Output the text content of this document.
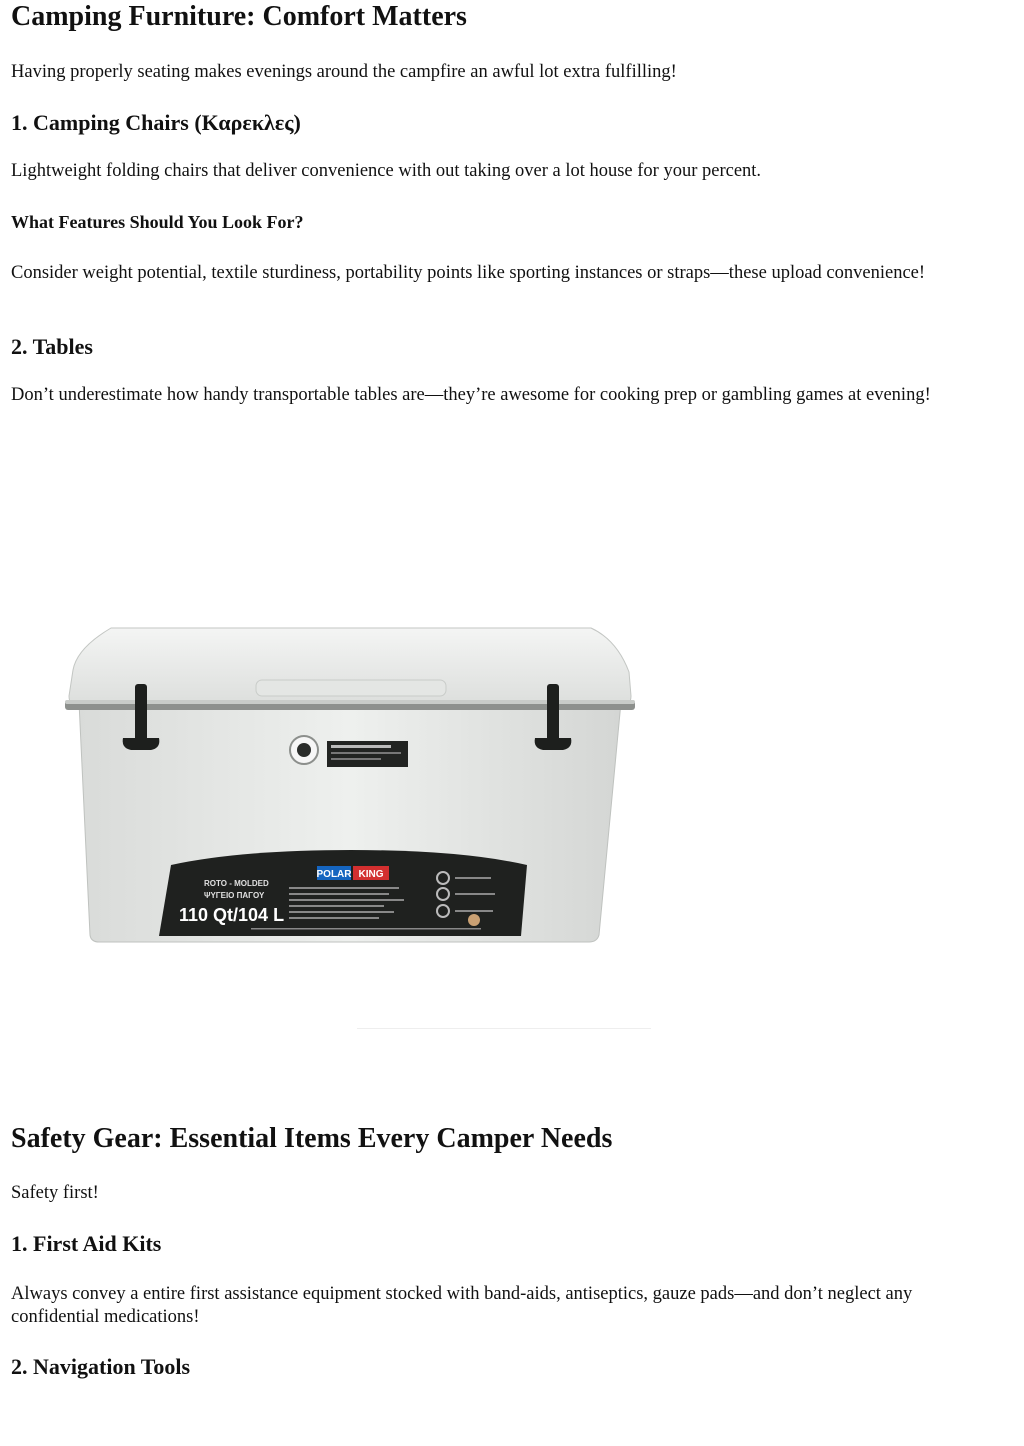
Camping Furniture: Comfort Matters

Having properly seating makes evenings around the campfire an awful lot extra fulfilling!

1. Camping Chairs (Καρεκλες)

Lightweight folding chairs that deliver convenience with out taking over a lot house for your percent.

What Features Should You Look For?

Consider weight potential, textile sturdiness, portability points like sporting instances or straps—these upload convenience!

2. Tables

Don’t underestimate how handy transportable tables are—they’re awesome for cooking prep or gambling games at evening!

Safety Gear: Essential Items Every Camper Needs

Safety first!

1. First Aid Kits

Always convey a entire first assistance equipment stocked with band-aids, antiseptics, gauze pads—and don’t neglect any confidential medications!

2. Navigation Tools
POLAR KING
ROTO - MOLDED
ΨΥΓΕΙΟ ΠΑΓΟΥ
110 Qt/104 L
